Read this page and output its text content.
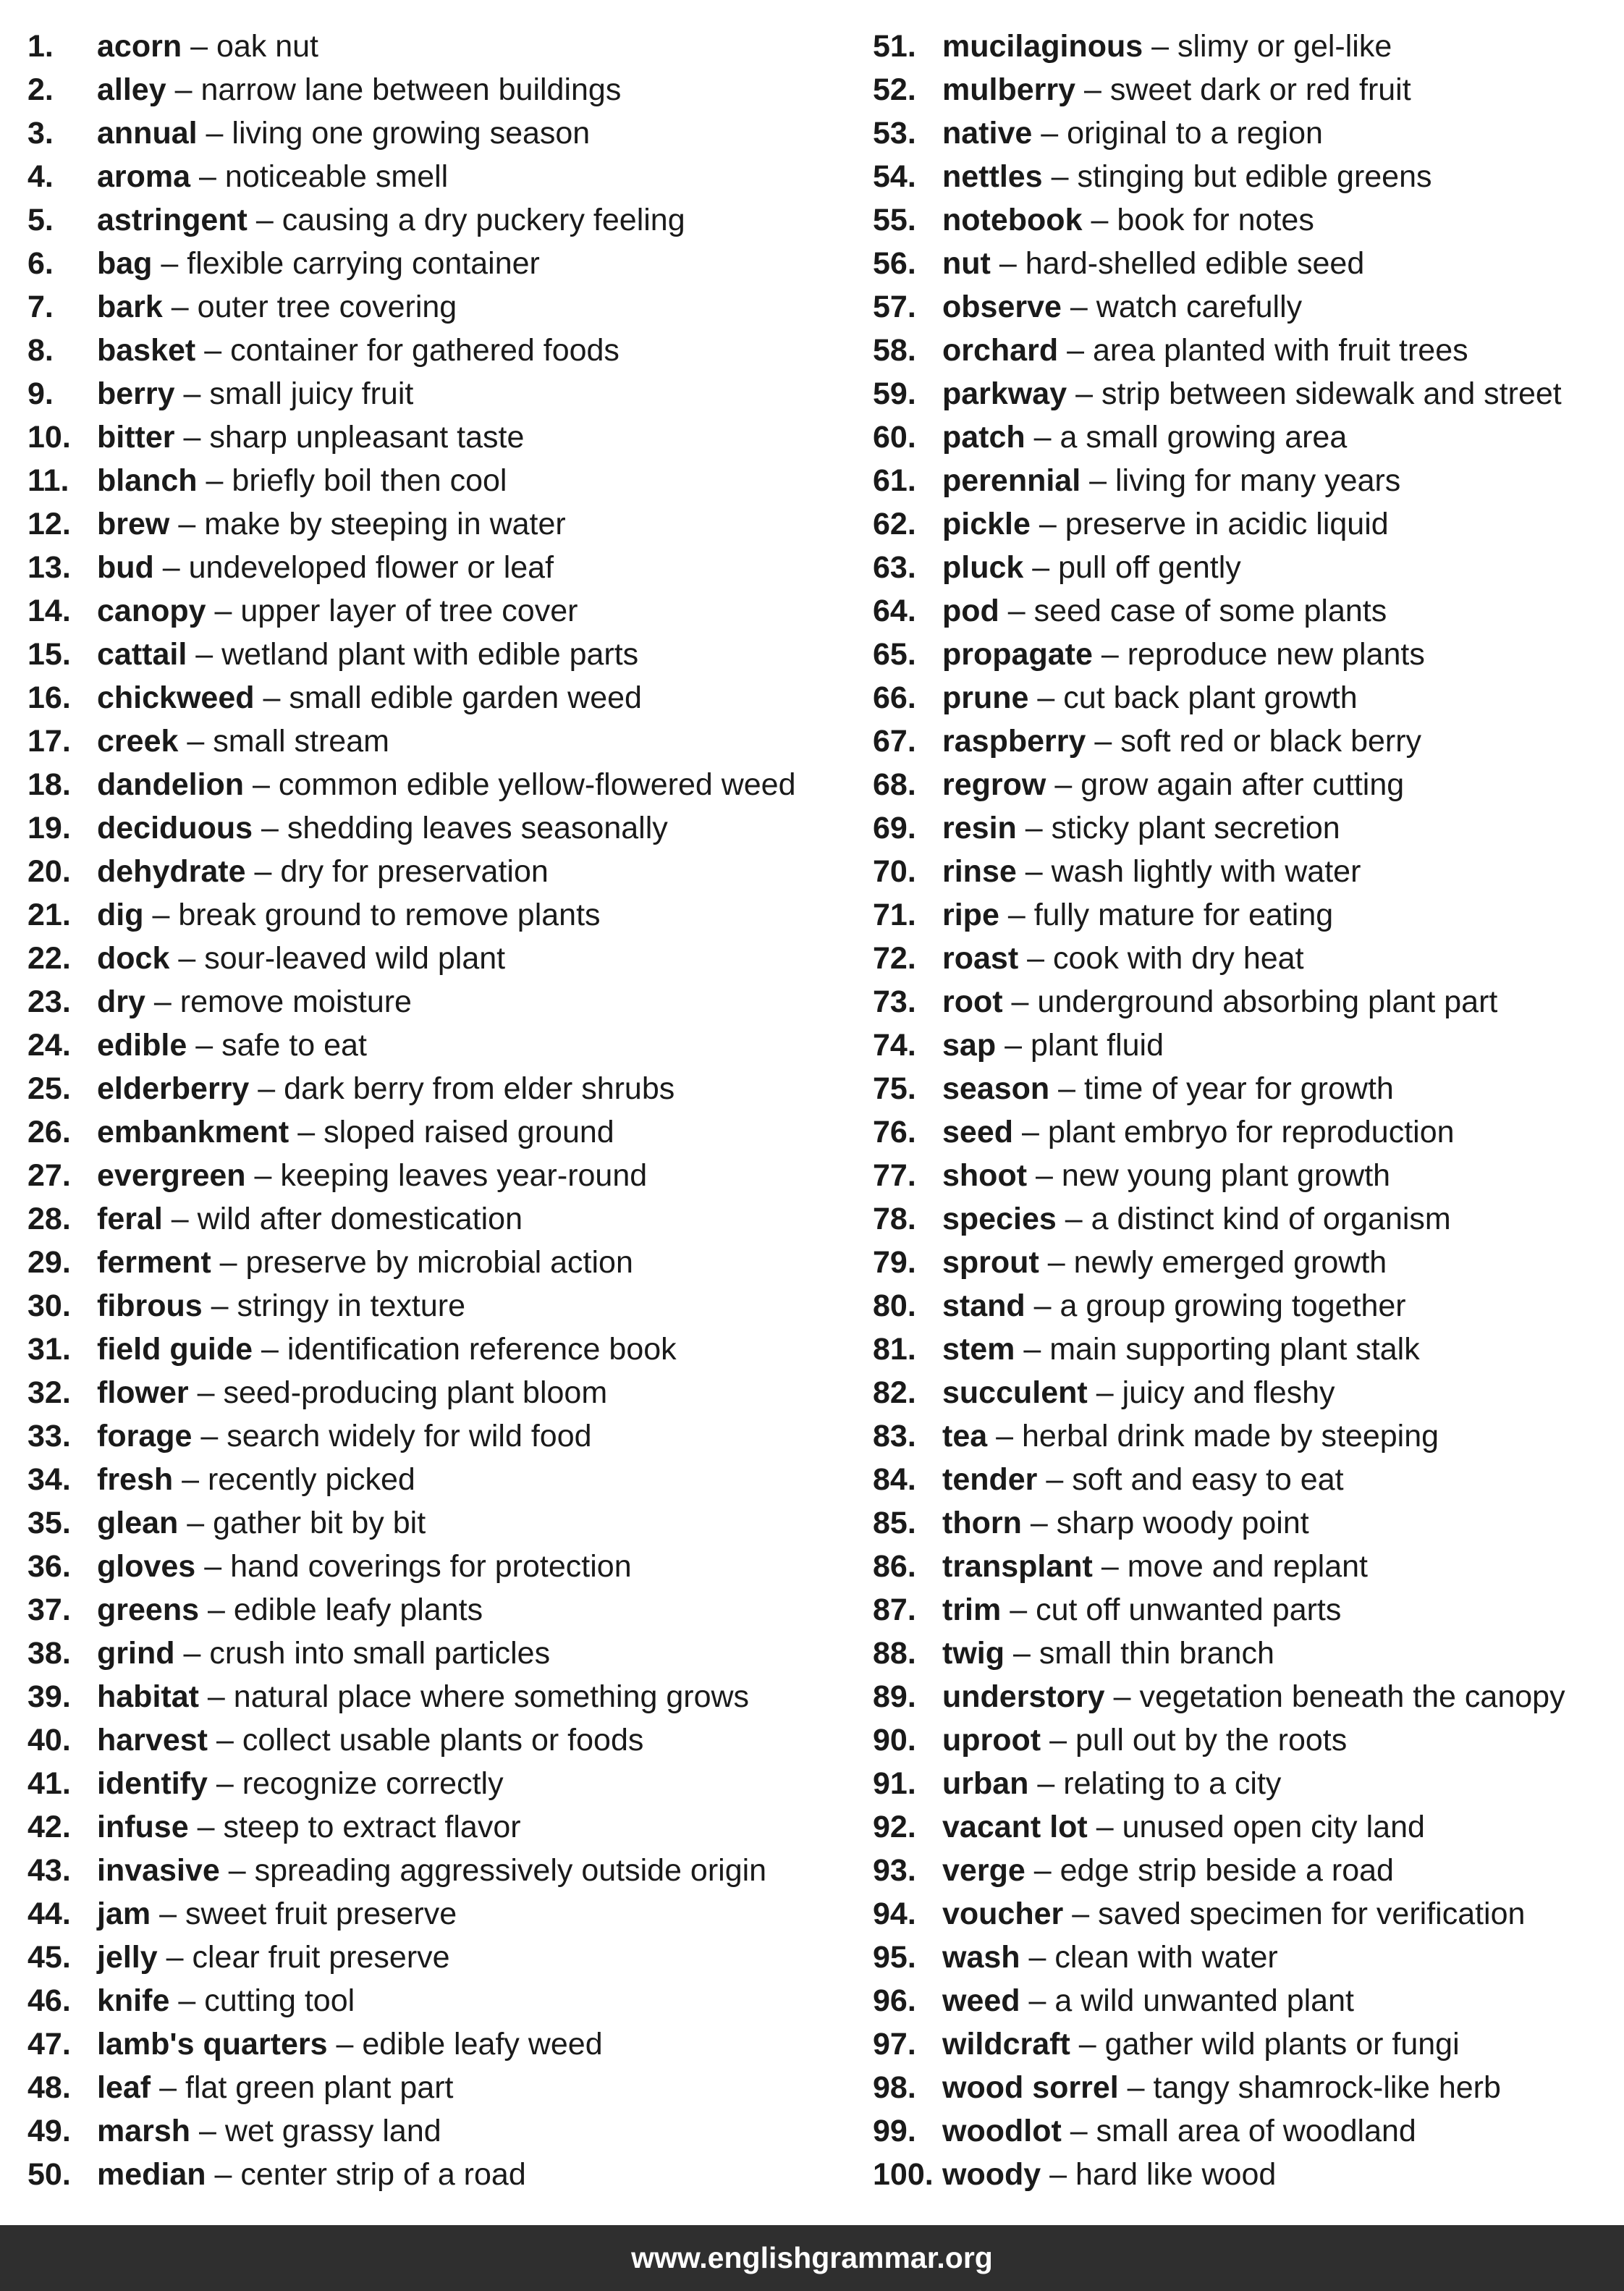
1.	acorn – oak nut
2.	alley – narrow lane between buildings
3.	annual – living one growing season
4.	aroma – noticeable smell
5.	astringent – causing a dry puckery feeling
6.	bag – flexible carrying container
7.	bark – outer tree covering
8.	basket – container for gathered foods
9.	berry – small juicy fruit
10. bitter – sharp unpleasant taste
11. blanch – briefly boil then cool
12. brew – make by steeping in water
13. bud – undeveloped flower or leaf
14. canopy – upper layer of tree cover
15. cattail – wetland plant with edible parts
16. chickweed – small edible garden weed
17. creek – small stream
18. dandelion – common edible yellow-flowered weed
19. deciduous – shedding leaves seasonally
20. dehydrate – dry for preservation
21. dig – break ground to remove plants
22. dock – sour-leaved wild plant
23. dry – remove moisture
24. edible – safe to eat
25. elderberry – dark berry from elder shrubs
26. embankment – sloped raised ground
27. evergreen – keeping leaves year-round
28. feral – wild after domestication
29. ferment – preserve by microbial action
30. fibrous – stringy in texture
31. field guide – identification reference book
32. flower – seed-producing plant bloom
33. forage – search widely for wild food
34. fresh – recently picked
35. glean – gather bit by bit
36. gloves – hand coverings for protection
37. greens – edible leafy plants
38. grind – crush into small particles
39. habitat – natural place where something grows
40. harvest – collect usable plants or foods
41. identify – recognize correctly
42. infuse – steep to extract flavor
43. invasive – spreading aggressively outside origin
44. jam – sweet fruit preserve
45. jelly – clear fruit preserve
46. knife – cutting tool
47. lamb's quarters – edible leafy weed
48. leaf – flat green plant part
49. marsh – wet grassy land
50. median – center strip of a road
51. mucilaginous – slimy or gel-like
52. mulberry – sweet dark or red fruit
53. native – original to a region
54. nettles – stinging but edible greens
55. notebook – book for notes
56. nut – hard-shelled edible seed
57. observe – watch carefully
58. orchard – area planted with fruit trees
59. parkway – strip between sidewalk and street
60. patch – a small growing area
61. perennial – living for many years
62. pickle – preserve in acidic liquid
63. pluck – pull off gently
64. pod – seed case of some plants
65. propagate – reproduce new plants
66. prune – cut back plant growth
67. raspberry – soft red or black berry
68. regrow – grow again after cutting
69. resin – sticky plant secretion
70. rinse – wash lightly with water
71. ripe – fully mature for eating
72. roast – cook with dry heat
73. root – underground absorbing plant part
74. sap – plant fluid
75. season – time of year for growth
76. seed – plant embryo for reproduction
77. shoot – new young plant growth
78. species – a distinct kind of organism
79. sprout – newly emerged growth
80. stand – a group growing together
81. stem – main supporting plant stalk
82. succulent – juicy and fleshy
83. tea – herbal drink made by steeping
84. tender – soft and easy to eat
85. thorn – sharp woody point
86. transplant – move and replant
87. trim – cut off unwanted parts
88. twig – small thin branch
89. understory – vegetation beneath the canopy
90. uproot – pull out by the roots
91. urban – relating to a city
92. vacant lot – unused open city land
93. verge – edge strip beside a road
94. voucher – saved specimen for verification
95. wash – clean with water
96. weed – a wild unwanted plant
97. wildcraft – gather wild plants or fungi
98. wood sorrel – tangy shamrock-like herb
99. woodlot – small area of woodland
100. woody – hard like wood
www.englishgrammar.org
